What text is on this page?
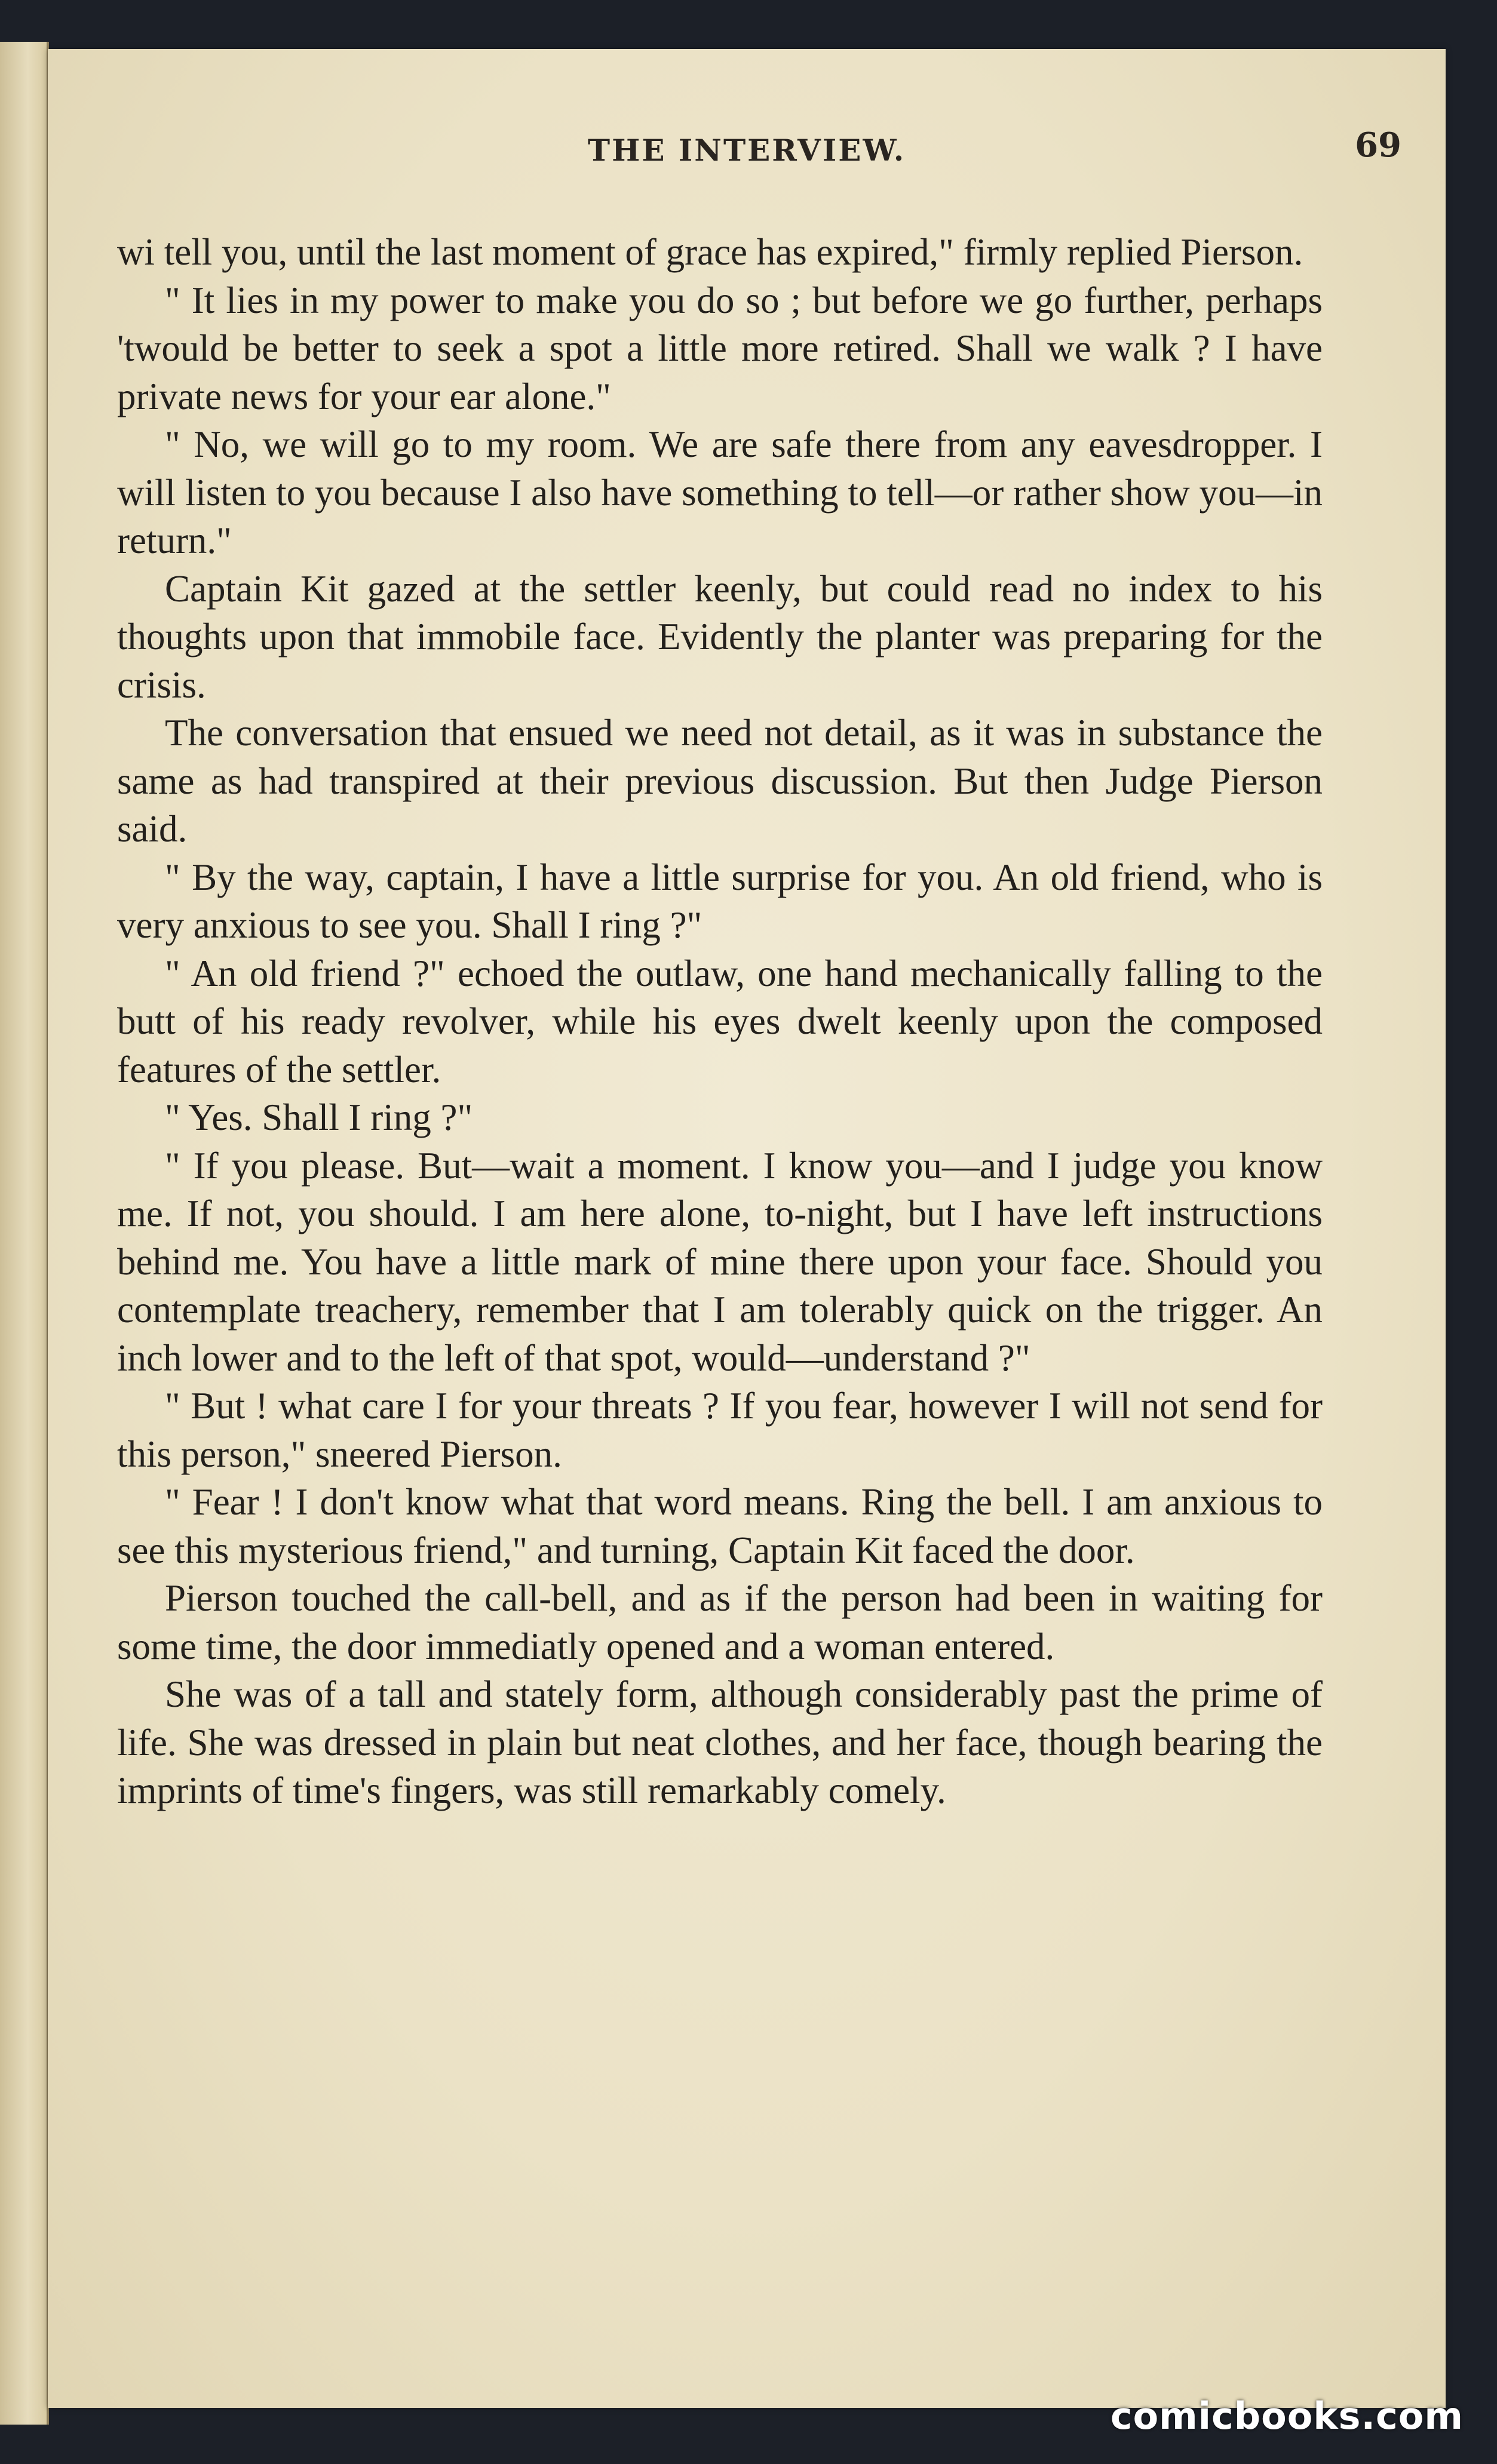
THE INTERVIEW.	69

wi tell you, until the last moment of grace has expired," firmly replied Pierson.

" It lies in my power to make you do so ; but before we go further, perhaps 'twould be better to seek a spot a little more retired. Shall we walk ? I have private news for your ear alone."

" No, we will go to my room. We are safe there from any eavesdropper. I will listen to you because I also have something to tell—or rather show you—in return."

Captain Kit gazed at the settler keenly, but could read no index to his thoughts upon that immobile face. Evidently the planter was preparing for the crisis.

The conversation that ensued we need not detail, as it was in substance the same as had transpired at their previous discussion. But then Judge Pierson said.

" By the way, captain, I have a little surprise for you. An old friend, who is very anxious to see you. Shall I ring ?"

" An old friend ?" echoed the outlaw, one hand mechanically falling to the butt of his ready revolver, while his eyes dwelt keenly upon the composed features of the settler.

" Yes. Shall I ring ?"

" If you please. But—wait a moment. I know you—and I judge you know me. If not, you should. I am here alone, to-night, but I have left instructions behind me. You have a little mark of mine there upon your face. Should you contemplate treachery, remember that I am tolerably quick on the trigger. An inch lower and to the left of that spot, would—understand ?"

" But ! what care I for your threats ? If you fear, however I will not send for this person," sneered Pierson.

" Fear ! I don't know what that word means. Ring the bell. I am anxious to see this mysterious friend," and turning, Captain Kit faced the door.

Pierson touched the call-bell, and as if the person had been in waiting for some time, the door immediatly opened and a woman entered.

She was of a tall and stately form, although considerably past the prime of life. She was dressed in plain but neat clothes, and her face, though bearing the imprints of time's fingers, was still remarkably comely.

comicbooks.com
